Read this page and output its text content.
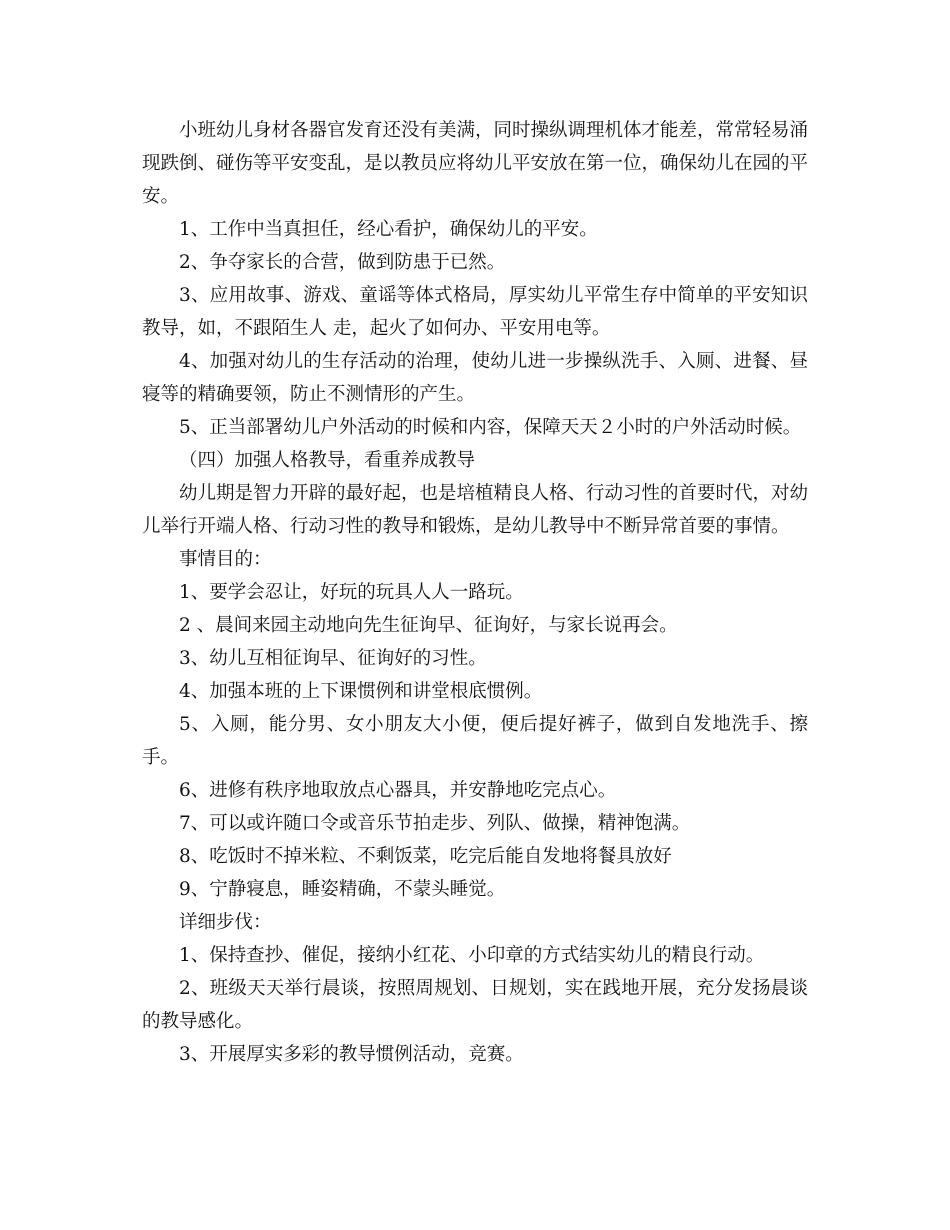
小班幼儿身材各器官发育还没有美满，同时操纵调理机体才能差，常常轻易涌现跌倒、碰伤等平安变乱，是以教员应将幼儿平安放在第一位，确保幼儿在园的平安。

1、工作中当真担任，经心看护，确保幼儿的平安。

2、争夺家长的合营，做到防患于已然。

3、应用故事、游戏、童谣等体式格局，厚实幼儿平常生存中简单的平安知识教导，如，不跟陌生人 走，起火了如何办、平安用电等。

4、加强对幼儿的生存活动的治理，使幼儿进一步操纵洗手、入厕、进餐、昼寝等的精确要领，防止不测情形的产生。

5、正当部署幼儿户外活动的时候和内容，保障天天２小时的户外活动时候。

（四）加强人格教导，看重养成教导

幼儿期是智力开辟的最好起，也是培植精良人格、行动习性的首要时代，对幼儿举行开端人格、行动习性的教导和锻炼，是幼儿教导中不断异常首要的事情。

事情目的：

1、要学会忍让，好玩的玩具人人一路玩。

2 、晨间来园主动地向先生征询早、征询好，与家长说再会。

3、幼儿互相征询早、征询好的习性。

4、加强本班的上下课惯例和讲堂根底惯例。

5、入厕，能分男、女小朋友大小便，便后提好裤子，做到自发地洗手、擦手。

6、进修有秩序地取放点心器具，并安静地吃完点心。

7、可以或许随口令或音乐节拍走步、列队、做操，精神饱满。

8、吃饭时不掉米粒、不剩饭菜，吃完后能自发地将餐具放好

9、宁静寝息，睡姿精确，不蒙头睡觉。

详细步伐：

1、保持查抄、催促，接纳小红花、小印章的方式结实幼儿的精良行动。

2、班级天天举行晨谈，按照周规划、日规划，实在践地开展，充分发扬晨谈的教导感化。

3、开展厚实多彩的教导惯例活动，竞赛。
